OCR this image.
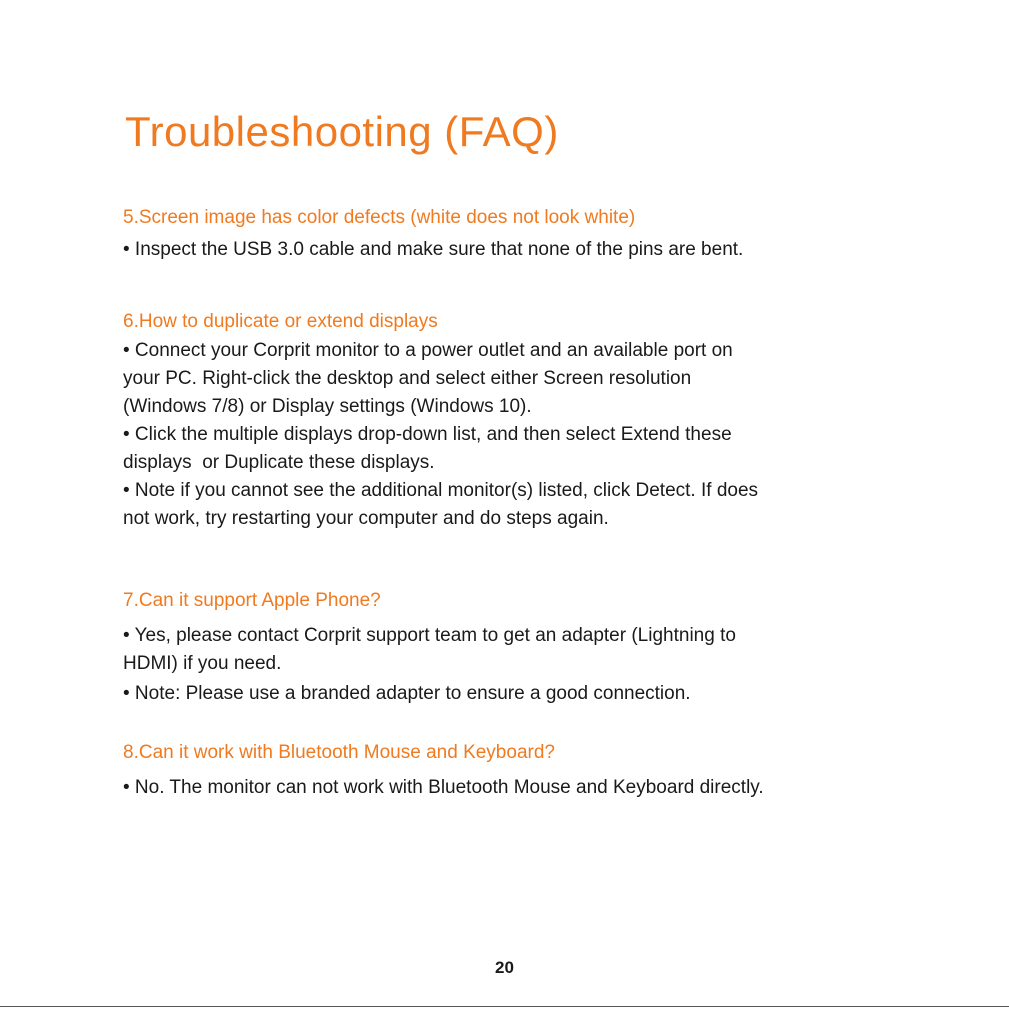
Troubleshooting (FAQ)
5.Screen image has color defects (white does not look white)

• Inspect the USB 3.0 cable and make sure that none of the pins are bent.

6.How to duplicate or extend displays

• Connect your Corprit monitor to a power outlet and an available port on
your PC. Right-click the desktop and select either Screen resolution
(Windows 7/8) or Display settings (Windows 10).

• Click the multiple displays drop-down list, and then select Extend these
displays  or Duplicate these displays.

• Note if you cannot see the additional monitor(s) listed, click Detect. If does
not work, try restarting your computer and do steps again.

7.Can it support Apple Phone?

• Yes, please contact Corprit support team to get an adapter (Lightning to
HDMI) if you need.

• Note: Please use a branded adapter to ensure a good connection.

8.Can it work with Bluetooth Mouse and Keyboard?

• No. The monitor can not work with Bluetooth Mouse and Keyboard directly.

20
